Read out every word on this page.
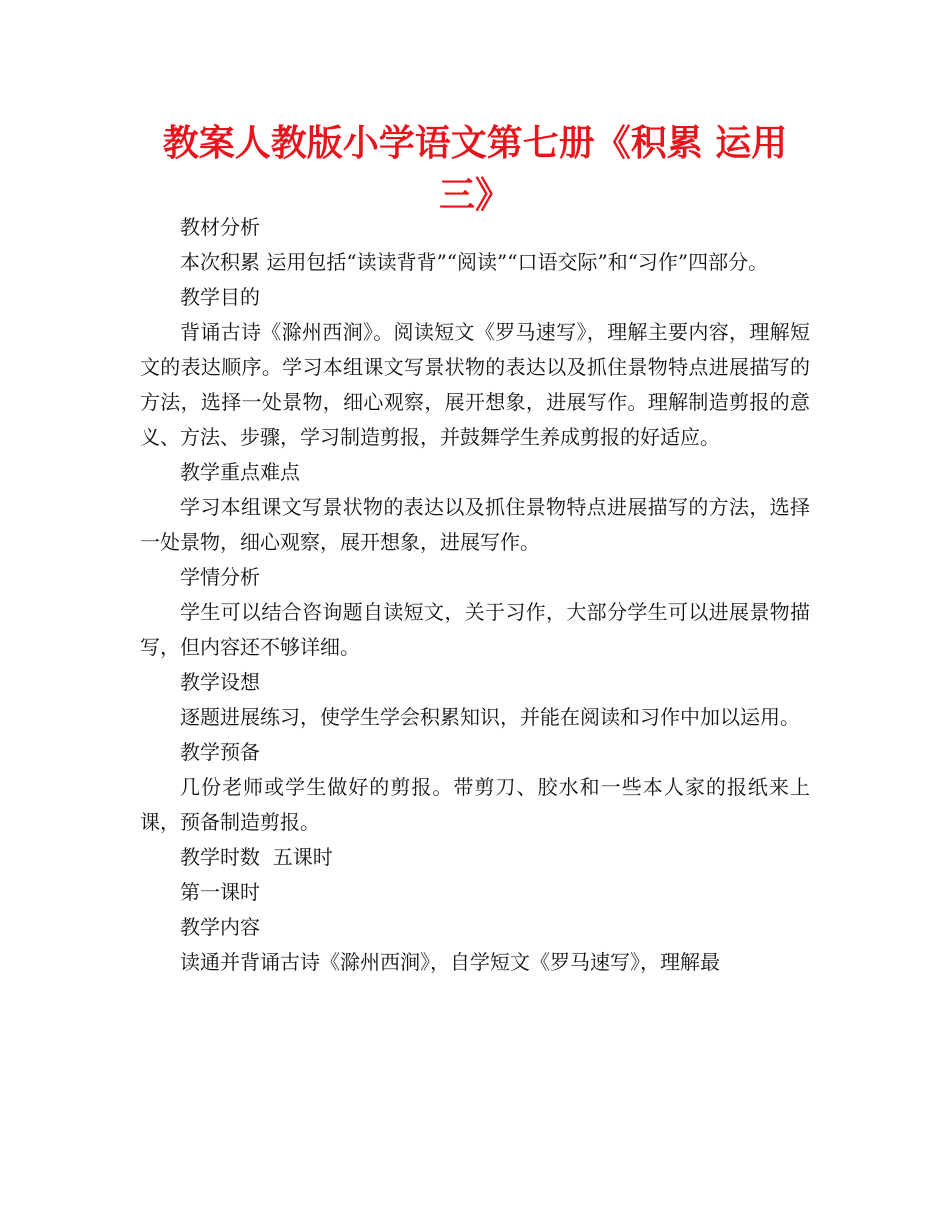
教案人教版小学语文第七册《积累 运用三》

教材分析

本次积累 运用包括“读读背背”“阅读”“口语交际”和“习作”四部分。

教学目的

背诵古诗《滁州西涧》。阅读短文《罗马速写》，理解主要内容，理解短文的表达顺序。学习本组课文写景状物的表达以及抓住景物特点进展描写的方法，选择一处景物，细心观察，展开想象，进展写作。理解制造剪报的意义、方法、步骤，学习制造剪报，并鼓舞学生养成剪报的好适应。

教学重点难点

学习本组课文写景状物的表达以及抓住景物特点进展描写的方法，选择一处景物，细心观察，展开想象，进展写作。

学情分析

学生可以结合咨询题自读短文，关于习作，大部分学生可以进展景物描写，但内容还不够详细。

教学设想

逐题进展练习，使学生学会积累知识，并能在阅读和习作中加以运用。

教学预备

几份老师或学生做好的剪报。带剪刀、胶水和一些本人家的报纸来上课，预备制造剪报。

教学时数  五课时

第一课时

教学内容

读通并背诵古诗《滁州西涧》，自学短文《罗马速写》，理解最
